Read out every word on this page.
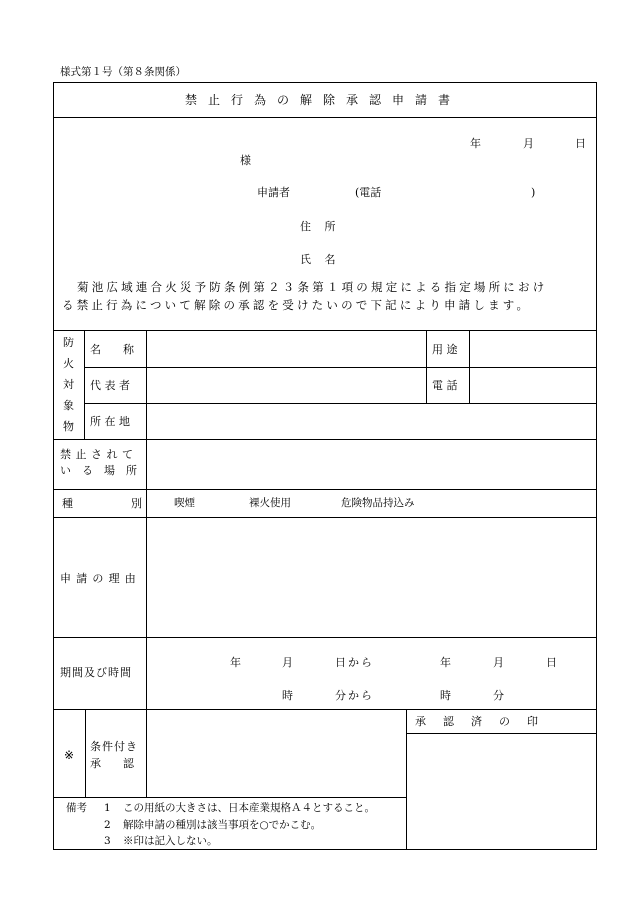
様式第１号（第８条関係）
禁止行為の解除承認申請書
年	月	日
様
申請者	(電話	)
住 所
氏 名
菊池広域連合火災予防条例第２３条第１項の規定による指定場所におけ
る禁止行為について解除の承認を受けたいので下記により申請します。
防
火
対
象
物
名　　称	用 途
代 表 者	電 話
所 在 地
禁止されて
いる場所
種	別	喫煙	裸火使用	危険物品持込み
申請の理由
期間及び時間
年	月	日から	年	月	日
時	分から	時	分
※
条件付き
承　　認
承　認　済　の　印
備考 1 この用紙の大きさは、日本産業規格Ａ４とすること。
2 解除申請の種別は該当事項を○でかこむ。
3 ※印は記入しない。
